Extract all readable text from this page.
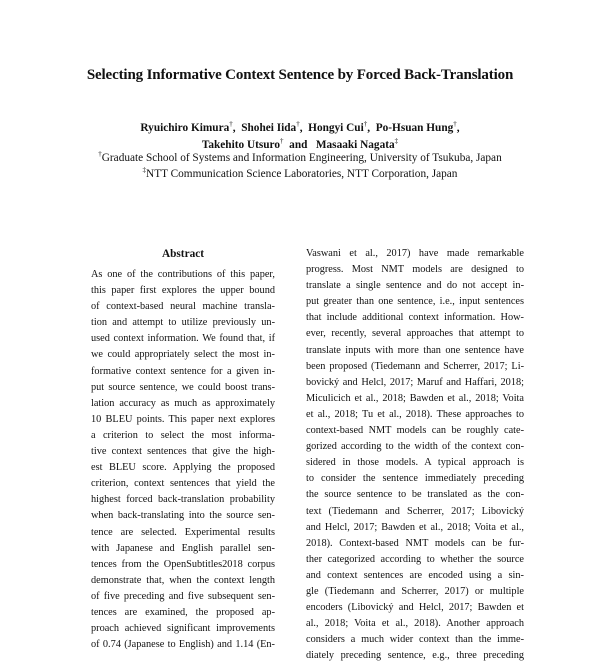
Selecting Informative Context Sentence by Forced Back-Translation
Ryuichiro Kimura†,  Shohei Iida†,  Hongyi Cui†,  Po-Hsuan Hung†,
Takehito Utsuro†  and   Masaaki Nagata‡
†Graduate School of Systems and Information Engineering, University of Tsukuba, Japan
‡NTT Communication Science Laboratories, NTT Corporation, Japan
Abstract
As one of the contributions of this paper,
this paper first explores the upper bound
of context-based neural machine transla-
tion and attempt to utilize previously un-
used context information. We found that, if
we could appropriately select the most in-
formative context sentence for a given in-
put source sentence, we could boost trans-
lation accuracy as much as approximately
10 BLEU points. This paper next explores
a criterion to select the most informa-
tive context sentences that give the high-
est BLEU score. Applying the proposed
criterion, context sentences that yield the
highest forced back-translation probability
when back-translating into the source sen-
tence are selected. Experimental results
with Japanese and English parallel sen-
tences from the OpenSubtitles2018 corpus
demonstrate that, when the context length
of five preceding and five subsequent sen-
tences are examined, the proposed ap-
proach achieved significant improvements
of 0.74 (Japanese to English) and 1.14 (En-
Vaswani et al., 2017) have made remarkable
progress. Most NMT models are designed to
translate a single sentence and do not accept in-
put greater than one sentence, i.e., input sentences
that include additional context information. How-
ever, recently, several approaches that attempt to
translate inputs with more than one sentence have
been proposed (Tiedemann and Scherrer, 2017; Li-
bovický and Helcl, 2017; Maruf and Haffari, 2018;
Miculicich et al., 2018; Bawden et al., 2018; Voita
et al., 2018; Tu et al., 2018). These approaches to
context-based NMT models can be roughly cate-
gorized according to the width of the context con-
sidered in those models. A typical approach is
to consider the sentence immediately preceding
the source sentence to be translated as the con-
text (Tiedemann and Scherrer, 2017; Libovický
and Helcl, 2017; Bawden et al., 2018; Voita et al.,
2018). Context-based NMT models can be fur-
ther categorized according to whether the source
and context sentences are encoded using a sin-
gle (Tiedemann and Scherrer, 2017) or multiple
encoders (Libovický and Helcl, 2017; Bawden et
al., 2018; Voita et al., 2018). Another approach
considers a much wider context than the imme-
diately preceding sentence, e.g., three preceding
